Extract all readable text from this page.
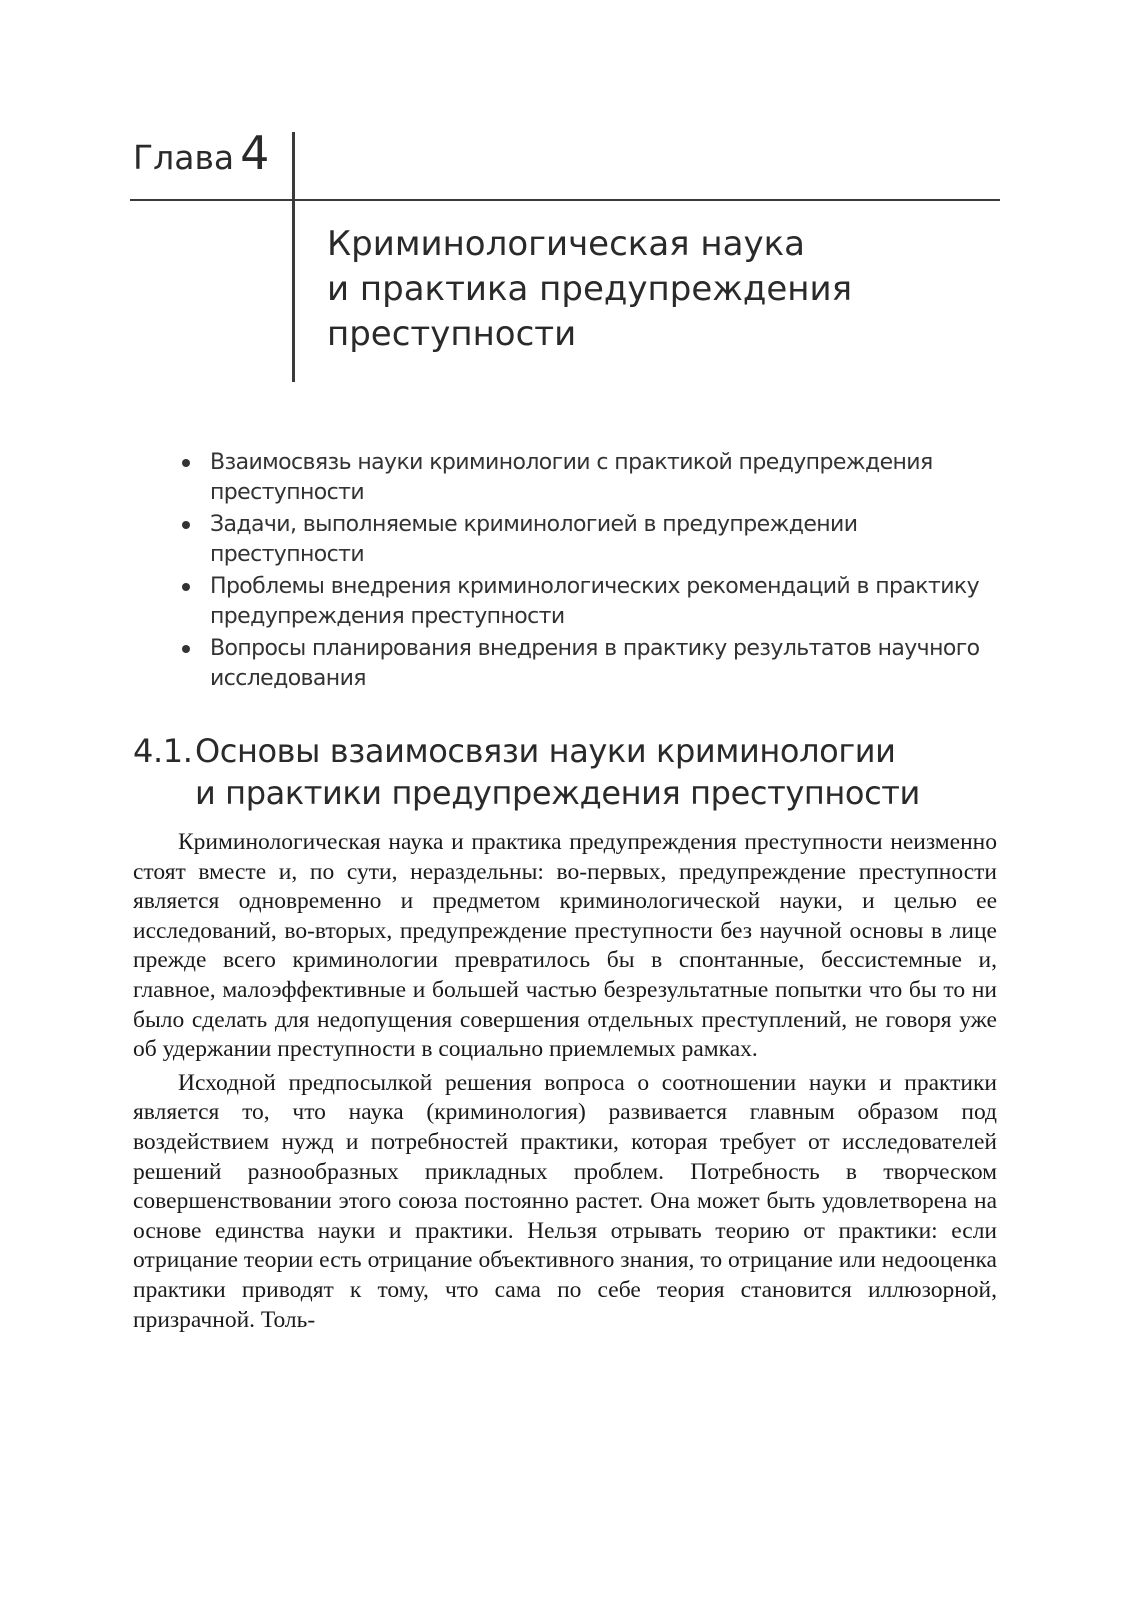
Глава 4
Криминологическая наука
и практика предупреждения
преступности
Взаимосвязь науки криминологии с практикой предупреждения преступности
Задачи, выполняемые криминологией в предупреждении преступности
Проблемы внедрения криминологических рекомендаций в практику предупреждения преступности
Вопросы планирования внедрения в практику результатов научного исследования
4.1.Основы взаимосвязи науки криминологии
и практики предупреждения преступности

Криминологическая наука и практика предупреждения преступности неизменно стоят вместе и, по сути, нераздельны: во-первых, предупреждение преступности является одновременно и предметом криминологической науки, и целью ее исследований, во-вторых, предупреждение преступности без научной основы в лице прежде всего криминологии превратилось бы в спонтанные, бессистемные и, главное, малоэффективные и большей частью безрезультатные попытки что бы то ни было сделать для недопущения совершения отдельных преступлений, не говоря уже об удержании преступности в социально приемлемых рамках.

Исходной предпосылкой решения вопроса о соотношении науки и практики является то, что наука (криминология) развивается главным образом под воздействием нужд и потребностей практики, которая требует от исследователей решений разнообразных прикладных проблем. Потребность в творческом совершенствовании этого союза постоянно растет. Она может быть удовлетворена на основе единства науки и практики. Нельзя отрывать теорию от практики: если отрицание теории есть отрицание объективного знания, то отрицание или недооценка практики приводят к тому, что сама по себе теория становится иллюзорной, призрачной. Толь-
